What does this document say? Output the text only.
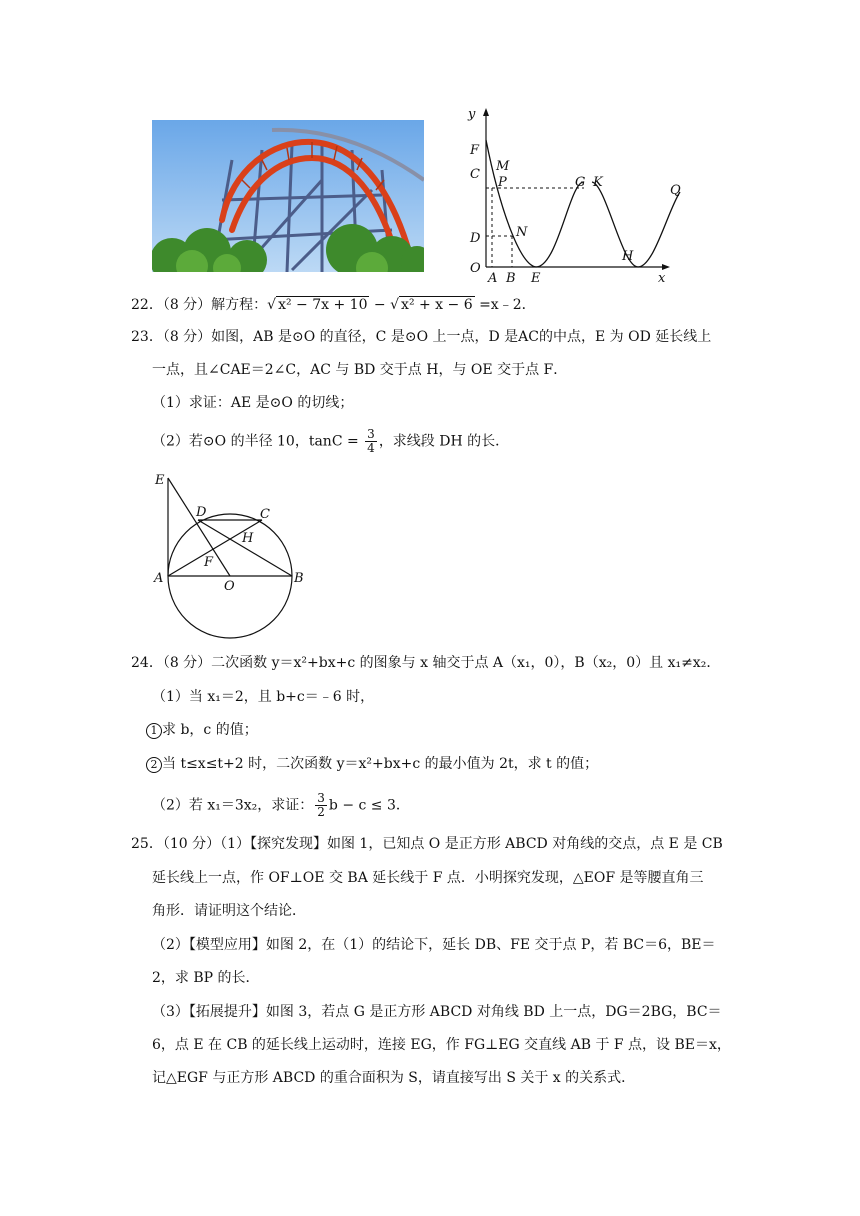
y
x
F
M
C
P	G K
Q
D	N
O
A B E
H
22．（8 分）解方程：√ x² − 7x + 10 − √ x² + x − 6 =x﹣2．
23．（8 分）如图，AB 是⊙O 的直径，C 是⊙O 上一点，D 是AC的中点，E 为 OD 延长线上
一点，且∠CAE＝2∠C，AC 与 BD 交于点 H，与 OE 交于点 F．
（1）求证：AE 是⊙O 的切线；
（2）若⊙O 的半径 10，$\tan C = \frac{3}{4}$ ，求线段 DH 的长．
E
D	C
H
F
A
O
B
24．（8 分）二次函数 y＝x²+bx+c 的图象与 x 轴交于点 A（x₁，0），B（x₂，0）且 x₁≠x₂．
（1）当 x₁＝2，且 b+c＝﹣6 时，
1 求 b，c 的值；
2 当 t≤x≤t+2 时，二次函数 y＝x²+bx+c 的最小值为 2t，求 t 的值；
（2）若 x₁＝3x₂，求证： $\frac{3}{2}$ b − c ≤ 3．
25．（10 分）（1）【探究发现】如图 1，已知点 O 是正方形 ABCD 对角线的交点，点 E 是 CB
延长线上一点，作 OF⊥OE 交 BA 延长线于 F 点．小明探究发现，△EOF 是等腰直角三
角形．请证明这个结论．
（2）【模型应用】如图 2，在（1）的结论下，延长 DB、FE 交于点 P，若 BC＝6，BE＝
2，求 BP 的长．
（3）【拓展提升】如图 3，若点 G 是正方形 ABCD 对角线 BD 上一点，DG＝2BG，BC＝
6，点 E 在 CB 的延长线上运动时，连接 EG，作 FG⊥EG 交直线 AB 于 F 点，设 BE＝x，
记△EGF 与正方形 ABCD 的重合面积为 S，请直接写出 S 关于 x 的关系式．
